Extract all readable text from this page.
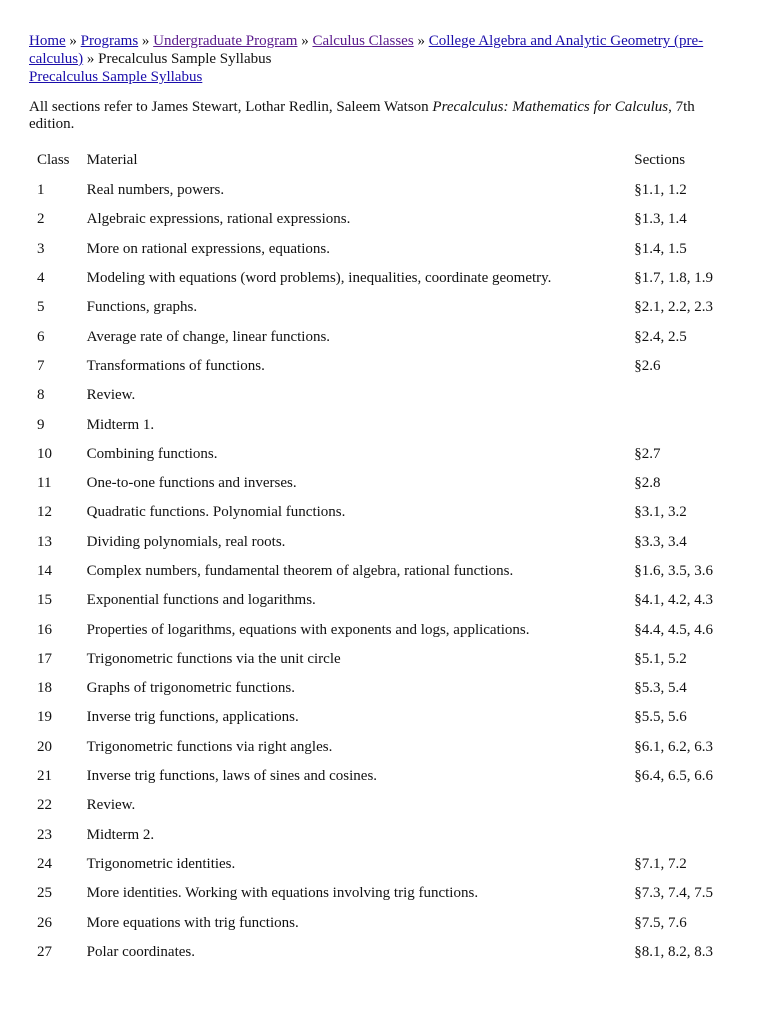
Home » Programs » Undergraduate Program » Calculus Classes » College Algebra and Analytic Geometry (pre-calculus) » Precalculus Sample Syllabus
Precalculus Sample Syllabus
All sections refer to James Stewart, Lothar Redlin, Saleem Watson Precalculus: Mathematics for Calculus, 7th edition.
Class	Material	Sections
1	Real numbers, powers.	§1.1, 1.2
2	Algebraic expressions, rational expressions.	§1.3, 1.4
3	More on rational expressions, equations.	§1.4, 1.5
4	Modeling with equations (word problems), inequalities, coordinate geometry.	§1.7, 1.8, 1.9
5	Functions, graphs.	§2.1, 2.2, 2.3
6	Average rate of change, linear functions.	§2.4, 2.5
7	Transformations of functions.	§2.6
8	Review.	
9	Midterm 1.	
10	Combining functions.	§2.7
11	One-to-one functions and inverses.	§2.8
12	Quadratic functions. Polynomial functions.	§3.1, 3.2
13	Dividing polynomials, real roots.	§3.3, 3.4
14	Complex numbers, fundamental theorem of algebra, rational functions.	§1.6, 3.5, 3.6
15	Exponential functions and logarithms.	§4.1, 4.2, 4.3
16	Properties of logarithms, equations with exponents and logs, applications.	§4.4, 4.5, 4.6
17	Trigonometric functions via the unit circle	§5.1, 5.2
18	Graphs of trigonometric functions.	§5.3, 5.4
19	Inverse trig functions, applications.	§5.5, 5.6
20	Trigonometric functions via right angles.	§6.1, 6.2, 6.3
21	Inverse trig functions, laws of sines and cosines.	§6.4, 6.5, 6.6
22	Review.	
23	Midterm 2.	
24	Trigonometric identities.	§7.1, 7.2
25	More identities. Working with equations involving trig functions.	§7.3, 7.4, 7.5
26	More equations with trig functions.	§7.5, 7.6
27	Polar coordinates.	§8.1, 8.2, 8.3
